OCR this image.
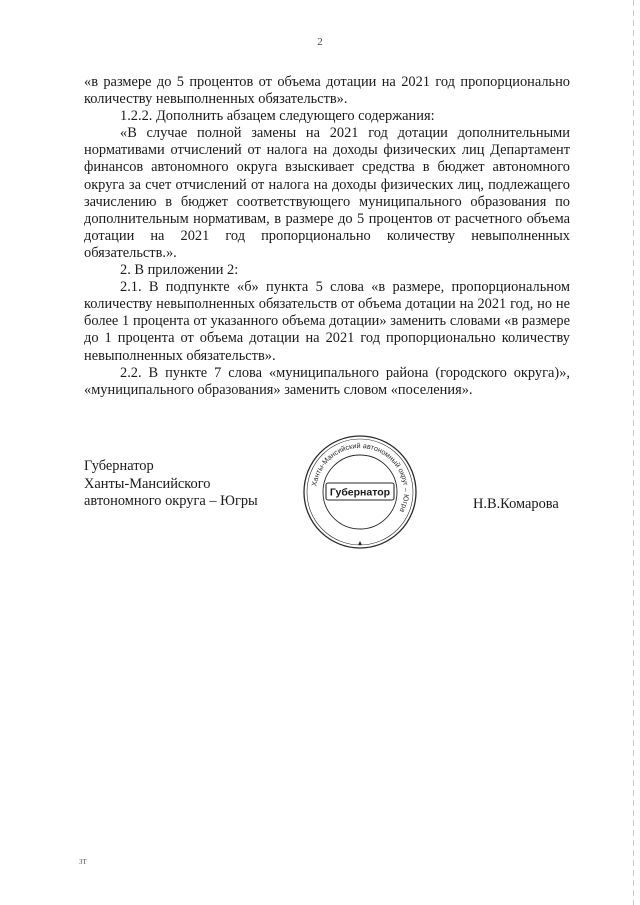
2

«в размере до 5 процентов от объема дотации на 2021 год пропорционально количеству невыполненных обязательств».

1.2.2. Дополнить абзацем следующего содержания:

«В случае полной замены на 2021 год дотации дополнительными нормативами отчислений от налога на доходы физических лиц Департамент финансов автономного округа взыскивает средства в бюджет автономного округа за счет отчислений от налога на доходы физических лиц, подлежащего зачислению в бюджет соответствующего муниципального образования по дополнительным нормативам, в размере до 5 процентов от расчетного объема дотации на 2021 год пропорционально количеству невыполненных обязательств.».

2. В приложении 2:

2.1. В подпункте «б» пункта 5 слова «в размере, пропорциональном количеству невыполненных обязательств от объема дотации на 2021 год, но не более 1 процента от указанного объема дотации» заменить словами «в размере до 1 процента от объема дотации на 2021 год пропорционально количеству невыполненных обязательств».

2.2. В пункте 7 слова «муниципального района (городского округа)», «муниципального образования» заменить словом «поселения».

Губернатор
Ханты-Мансийского
автономного округа – Югры
Ханты-Мансийский автономный округ – Югра
Губернатор
Н.В.Комарова
ЗТ
